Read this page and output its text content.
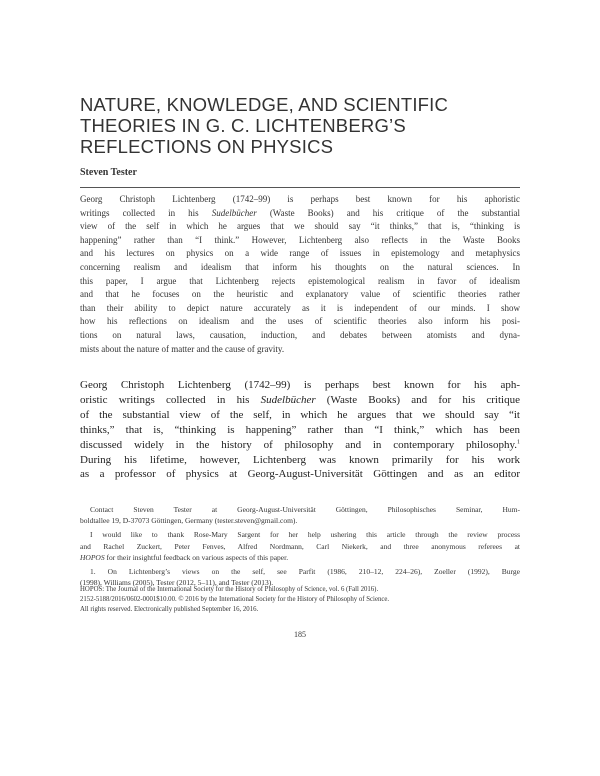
NATURE, KNOWLEDGE, AND SCIENTIFIC
THEORIES IN G. C. LICHTENBERG’S
REFLECTIONS ON PHYSICS

Steven Tester

Georg Christoph Lichtenberg (1742–99) is perhaps best known for his aphoristic
writings collected in his Sudelbücher (Waste Books) and his critique of the substantial
view of the self in which he argues that we should say “it thinks,” that is, “thinking is
happening” rather than “I think.” However, Lichtenberg also reflects in the Waste Books
and his lectures on physics on a wide range of issues in epistemology and metaphysics
concerning realism and idealism that inform his thoughts on the natural sciences. In
this paper, I argue that Lichtenberg rejects epistemological realism in favor of idealism
and that he focuses on the heuristic and explanatory value of scientific theories rather
than their ability to depict nature accurately as it is independent of our minds. I show
how his reflections on idealism and the uses of scientific theories also inform his posi-
tions on natural laws, causation, induction, and debates between atomists and dyna-
mists about the nature of matter and the cause of gravity.
Georg Christoph Lichtenberg (1742–99) is perhaps best known for his aph-
oristic writings collected in his Sudelbücher (Waste Books) and for his critique
of the substantial view of the self, in which he argues that we should say “it
thinks,” that is, “thinking is happening” rather than “I think,” which has been
discussed widely in the history of philosophy and in contemporary philosophy.$^1$
During his lifetime, however, Lichtenberg was known primarily for his work
as a professor of physics at Georg-August-Universität Göttingen and as an editor
Contact Steven Tester at Georg-August-Universität Göttingen, Philosophisches Seminar, Hum-
boldtallee 19, D-37073 Göttingen, Germany (tester.steven@gmail.com).
I would like to thank Rose-Mary Sargent for her help ushering this article through the review process
and Rachel Zuckert, Peter Fenves, Alfred Nordmann, Carl Niekerk, and three anonymous referees at
HOPOS for their insightful feedback on various aspects of this paper.
1. On Lichtenberg’s views on the self, see Parfit (1986, 210–12, 224–26), Zoeller (1992), Burge
(1998), Williams (2005), Tester (2012, 5–11), and Tester (2013).
HOPOS: The Journal of the International Society for the History of Philosophy of Science, vol. 6 (Fall 2016).
2152-5188/2016/0602-0001$10.00. © 2016 by the International Society for the History of Philosophy of Science.
All rights reserved. Electronically published September 16, 2016.
185
